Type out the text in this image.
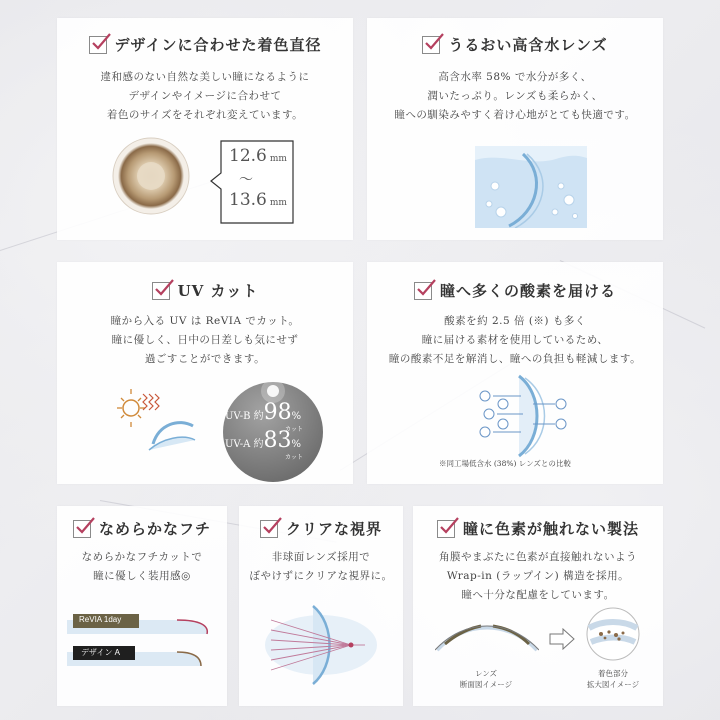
デザインに合わせた着色直径
違和感のない自然な美しい瞳になるように
デザインやイメージに合わせて
着色のサイズをそれぞれ変えています。
12.6 mm
〜
13.6 mm
うるおい高含水レンズ
高含水率 58% で水分が多く、
潤いたっぷり。レンズも柔らかく、
瞳への馴染みやすく着け心地がとても快適です。
UV カット
瞳から入る UV は ReVIA でカット。
瞳に優しく、日中の日差しも気にせず
過ごすことができます。
UV-B 約98%
カット
UV-A 約83%
カット
瞳へ多くの酸素を届ける
酸素を約 2.5 倍 (※) も多く
瞳に届ける素材を使用しているため、
瞳の酸素不足を解消し、瞳への負担も軽減します。
※同工場低含水 (38%) レンズとの比較
なめらかなフチ
なめらかなフチカットで
瞳に優しく装用感◎
ReVIA 1day
デザイン A
クリアな視界
非球面レンズ採用で
ぼやけずにクリアな視界に。
瞳に色素が触れない製法
角膜やまぶたに色素が直接触れないよう
Wrap-in (ラップイン) 構造を採用。
瞳へ十分な配慮をしています。
レンズ
断面図イメージ
着色部分
拡大図イメージ
